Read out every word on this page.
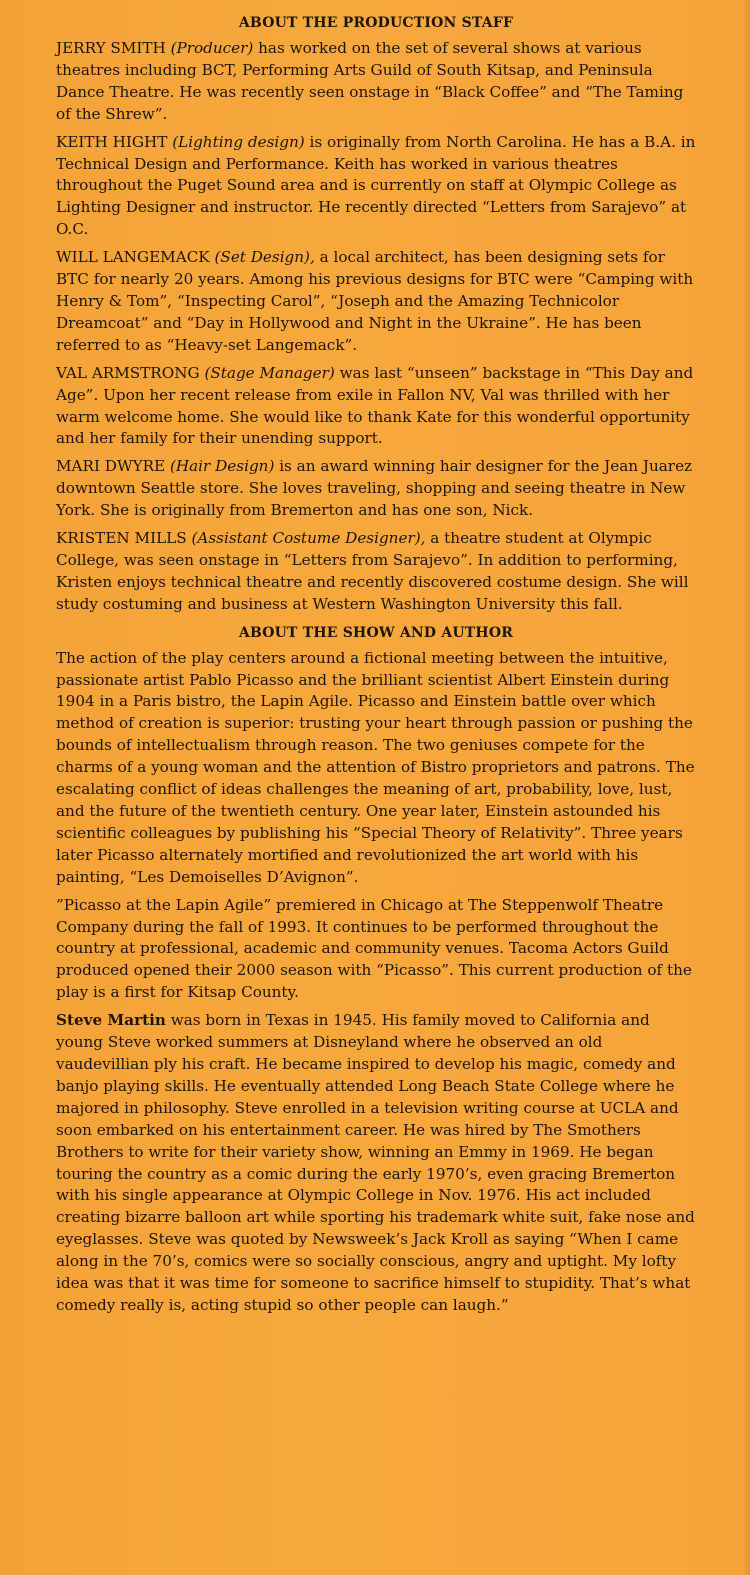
ABOUT THE PRODUCTION STAFF

JERRY SMITH (Producer) has worked on the set of several shows at various theatres including BCT, Performing Arts Guild of South Kitsap, and Peninsula Dance Theatre. He was recently seen onstage in “Black Coffee” and “The Taming of the Shrew”.

KEITH HIGHT (Lighting design) is originally from North Carolina. He has a B.A. in Technical Design and Performance. Keith has worked in various theatres throughout the Puget Sound area and is currently on staff at Olympic College as Lighting Designer and instructor. He recently directed “Letters from Sarajevo” at O.C.

WILL LANGEMACK (Set Design), a local architect, has been designing sets for BTC for nearly 20 years. Among his previous designs for BTC were “Camping with Henry & Tom”, “Inspecting Carol”, “Joseph and the Amazing Technicolor Dreamcoat” and “Day in Hollywood and Night in the Ukraine”. He has been referred to as “Heavy-set Langemack”.

VAL ARMSTRONG (Stage Manager) was last “unseen” backstage in “This Day and Age”. Upon her recent release from exile in Fallon NV, Val was thrilled with her warm welcome home. She would like to thank Kate for this wonderful opportunity and her family for their unending support.

MARI DWYRE (Hair Design) is an award winning hair designer for the Jean Juarez downtown Seattle store. She loves traveling, shopping and seeing theatre in New York. She is originally from Bremerton and has one son, Nick.

KRISTEN MILLS (Assistant Costume Designer), a theatre student at Olympic College, was seen onstage in “Letters from Sarajevo”. In addition to performing, Kristen enjoys technical theatre and recently discovered costume design. She will study costuming and business at Western Washington University this fall.

ABOUT THE SHOW AND AUTHOR

The action of the play centers around a fictional meeting between the intuitive, passionate artist Pablo Picasso and the brilliant scientist Albert Einstein during 1904 in a Paris bistro, the Lapin Agile. Picasso and Einstein battle over which method of creation is superior: trusting your heart through passion or pushing the bounds of intellectualism through reason. The two geniuses compete for the charms of a young woman and the attention of Bistro proprietors and patrons. The escalating conflict of ideas challenges the meaning of art, probability, love, lust, and the future of the twentieth century. One year later, Einstein astounded his scientific colleagues by publishing his “Special Theory of Relativity”. Three years later Picasso alternately mortified and revolutionized the art world with his painting, “Les Demoiselles D’Avignon”.

”Picasso at the Lapin Agile” premiered in Chicago at The Steppenwolf Theatre Company during the fall of 1993. It continues to be performed throughout the country at professional, academic and community venues. Tacoma Actors Guild produced opened their 2000 season with “Picasso”. This current production of the play is a first for Kitsap County.

Steve Martin was born in Texas in 1945. His family moved to California and young Steve worked summers at Disneyland where he observed an old vaudevillian ply his craft. He became inspired to develop his magic, comedy and banjo playing skills. He eventually attended Long Beach State College where he majored in philosophy. Steve enrolled in a television writing course at UCLA and soon embarked on his entertainment career. He was hired by The Smothers Brothers to write for their variety show, winning an Emmy in 1969. He began touring the country as a comic during the early 1970’s, even gracing Bremerton with his single appearance at Olympic College in Nov. 1976. His act included creating bizarre balloon art while sporting his trademark white suit, fake nose and eyeglasses. Steve was quoted by Newsweek’s Jack Kroll as saying “When I came along in the 70’s, comics were so socially conscious, angry and uptight. My lofty idea was that it was time for someone to sacrifice himself to stupidity. That’s what comedy really is, acting stupid so other people can laugh.”
